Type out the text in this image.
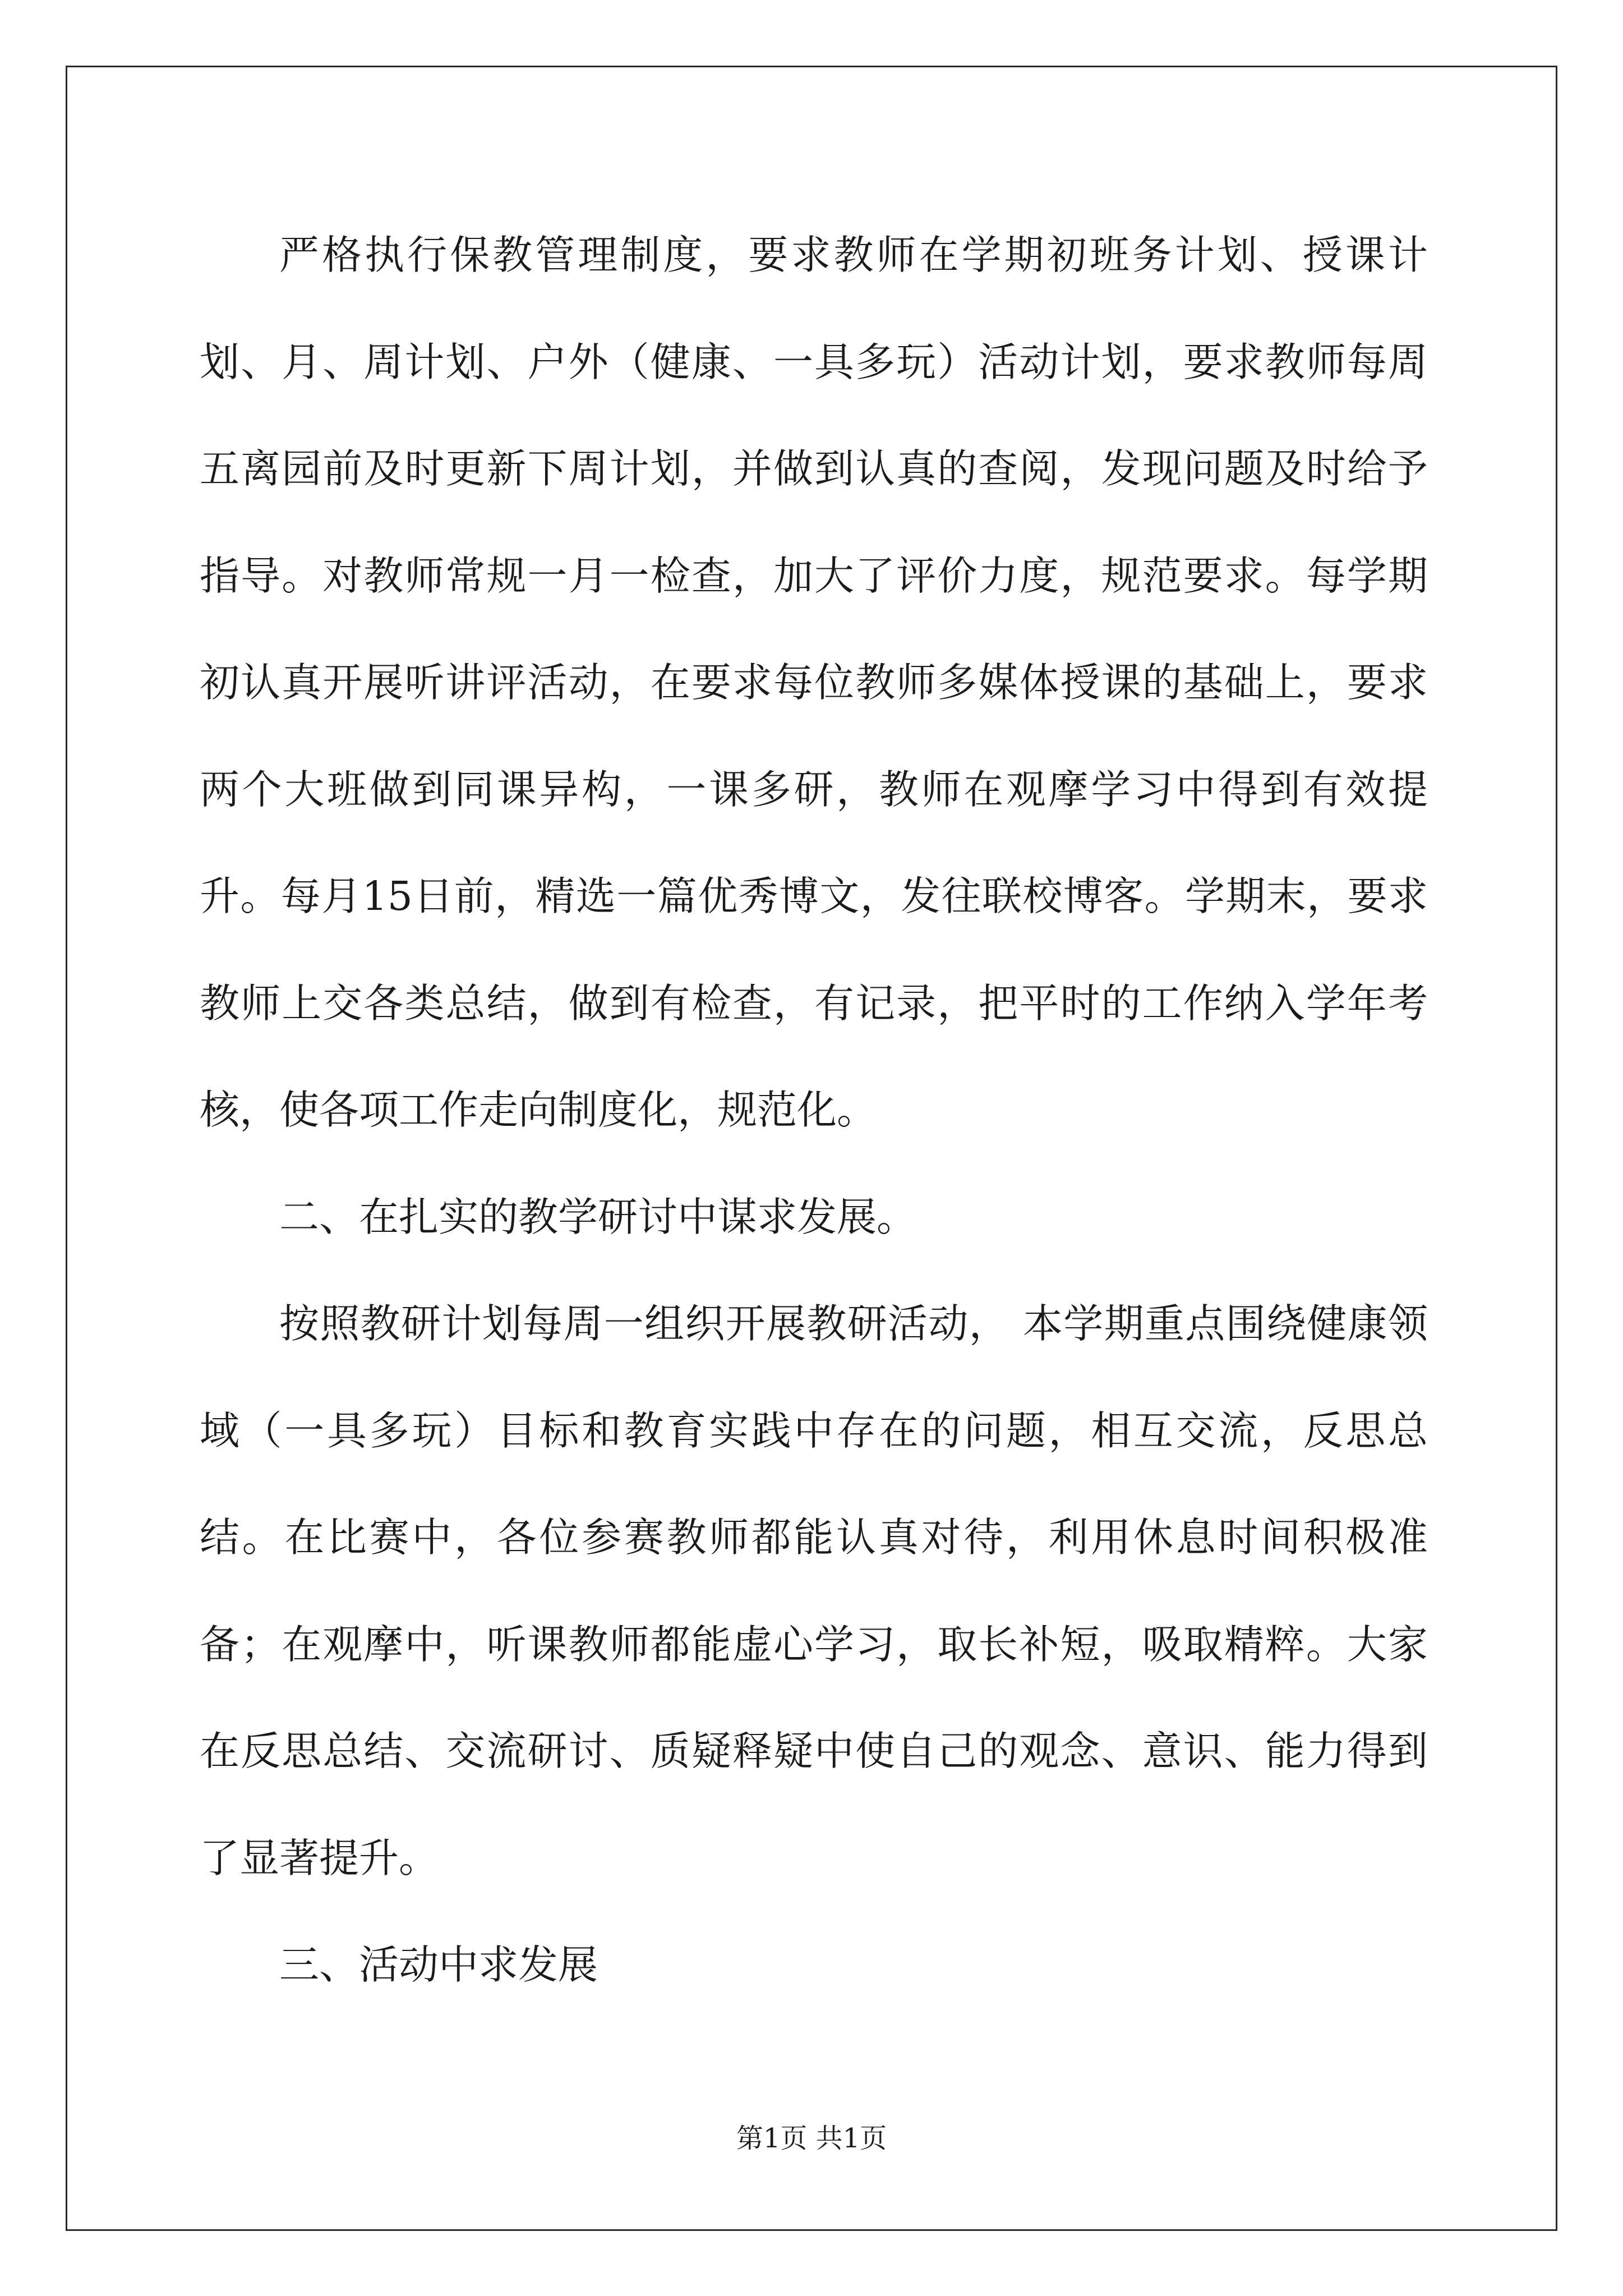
严格执行保教管理制度，要求教师在学期初班务计划、授课计划、月、周计划、户外（健康、一具多玩）活动计划，要求教师每周五离园前及时更新下周计划，并做到认真的查阅，发现问题及时给予指导。对教师常规一月一检查，加大了评价力度，规范要求。每学期初认真开展听讲评活动，在要求每位教师多媒体授课的基础上，要求两个大班做到同课异构，一课多研，教师在观摩学习中得到有效提升。每月15日前，精选一篇优秀博文，发往联校博客。学期末，要求教师上交各类总结，做到有检查，有记录，把平时的工作纳入学年考核，使各项工作走向制度化，规范化。

二、在扎实的教学研讨中谋求发展。

按照教研计划每周一组织开展教研活动， 本学期重点围绕健康领域（一具多玩）目标和教育实践中存在的问题，相互交流，反思总结。在比赛中，各位参赛教师都能认真对待，利用休息时间积极准备；在观摩中，听课教师都能虚心学习，取长补短，吸取精粹。大家在反思总结、交流研讨、质疑释疑中使自己的观念、意识、能力得到了显著提升。

三、活动中求发展

第1页 共1页
